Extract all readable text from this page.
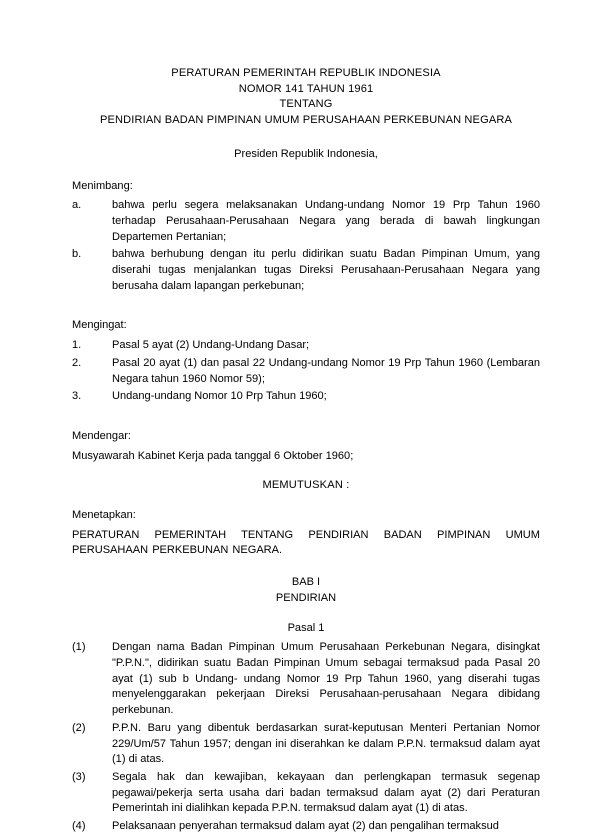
PERATURAN PEMERINTAH REPUBLIK INDONESIA
NOMOR 141 TAHUN 1961
TENTANG
PENDIRIAN BADAN PIMPINAN UMUM PERUSAHAAN PERKEBUNAN NEGARA
Presiden Republik Indonesia,
Menimbang:
a.	bahwa perlu segera melaksanakan Undang-undang Nomor 19 Prp Tahun 1960 terhadap Perusahaan-Perusahaan Negara yang berada di bawah lingkungan Departemen Pertanian;
b.	bahwa berhubung dengan itu perlu didirikan suatu Badan Pimpinan Umum, yang diserahi tugas menjalankan tugas Direksi Perusahaan-Perusahaan Negara yang berusaha dalam lapangan perkebunan;
Mengingat:
1.	Pasal 5 ayat (2) Undang-Undang Dasar;
2.	Pasal 20 ayat (1) dan pasal 22 Undang-undang Nomor 19 Prp Tahun 1960 (Lembaran Negara tahun 1960 Nomor 59);
3.	Undang-undang Nomor 10 Prp Tahun 1960;
Mendengar:
Musyawarah Kabinet Kerja pada tanggal 6 Oktober 1960;
MEMUTUSKAN :
Menetapkan:
PERATURAN PEMERINTAH TENTANG PENDIRIAN BADAN PIMPINAN UMUM PERUSAHAAN PERKEBUNAN NEGARA.
BAB I
PENDIRIAN
Pasal 1
(1)	Dengan nama Badan Pimpinan Umum Perusahaan Perkebunan Negara, disingkat "P.P.N.", didirikan suatu Badan Pimpinan Umum sebagai termaksud pada Pasal 20 ayat (1) sub b Undang- undang Nomor 19 Prp Tahun 1960, yang diserahi tugas menyelenggarakan pekerjaan Direksi Perusahaan-perusahaan Negara dibidang perkebunan.
(2)	P.P.N. Baru yang dibentuk berdasarkan surat-keputusan Menteri Pertanian Nomor 229/Um/57 Tahun 1957; dengan ini diserahkan ke dalam P.P.N. termaksud dalam ayat (1) di atas.
(3)	Segala hak dan kewajiban, kekayaan dan perlengkapan termasuk segenap pegawai/pekerja serta usaha dari badan termaksud dalam ayat (2) dari Peraturan Pemerintah ini dialihkan kepada P.P.N. termaksud dalam ayat (1) di atas.
(4)	Pelaksanaan penyerahan termaksud dalam ayat (2) dan pengalihan termaksud
